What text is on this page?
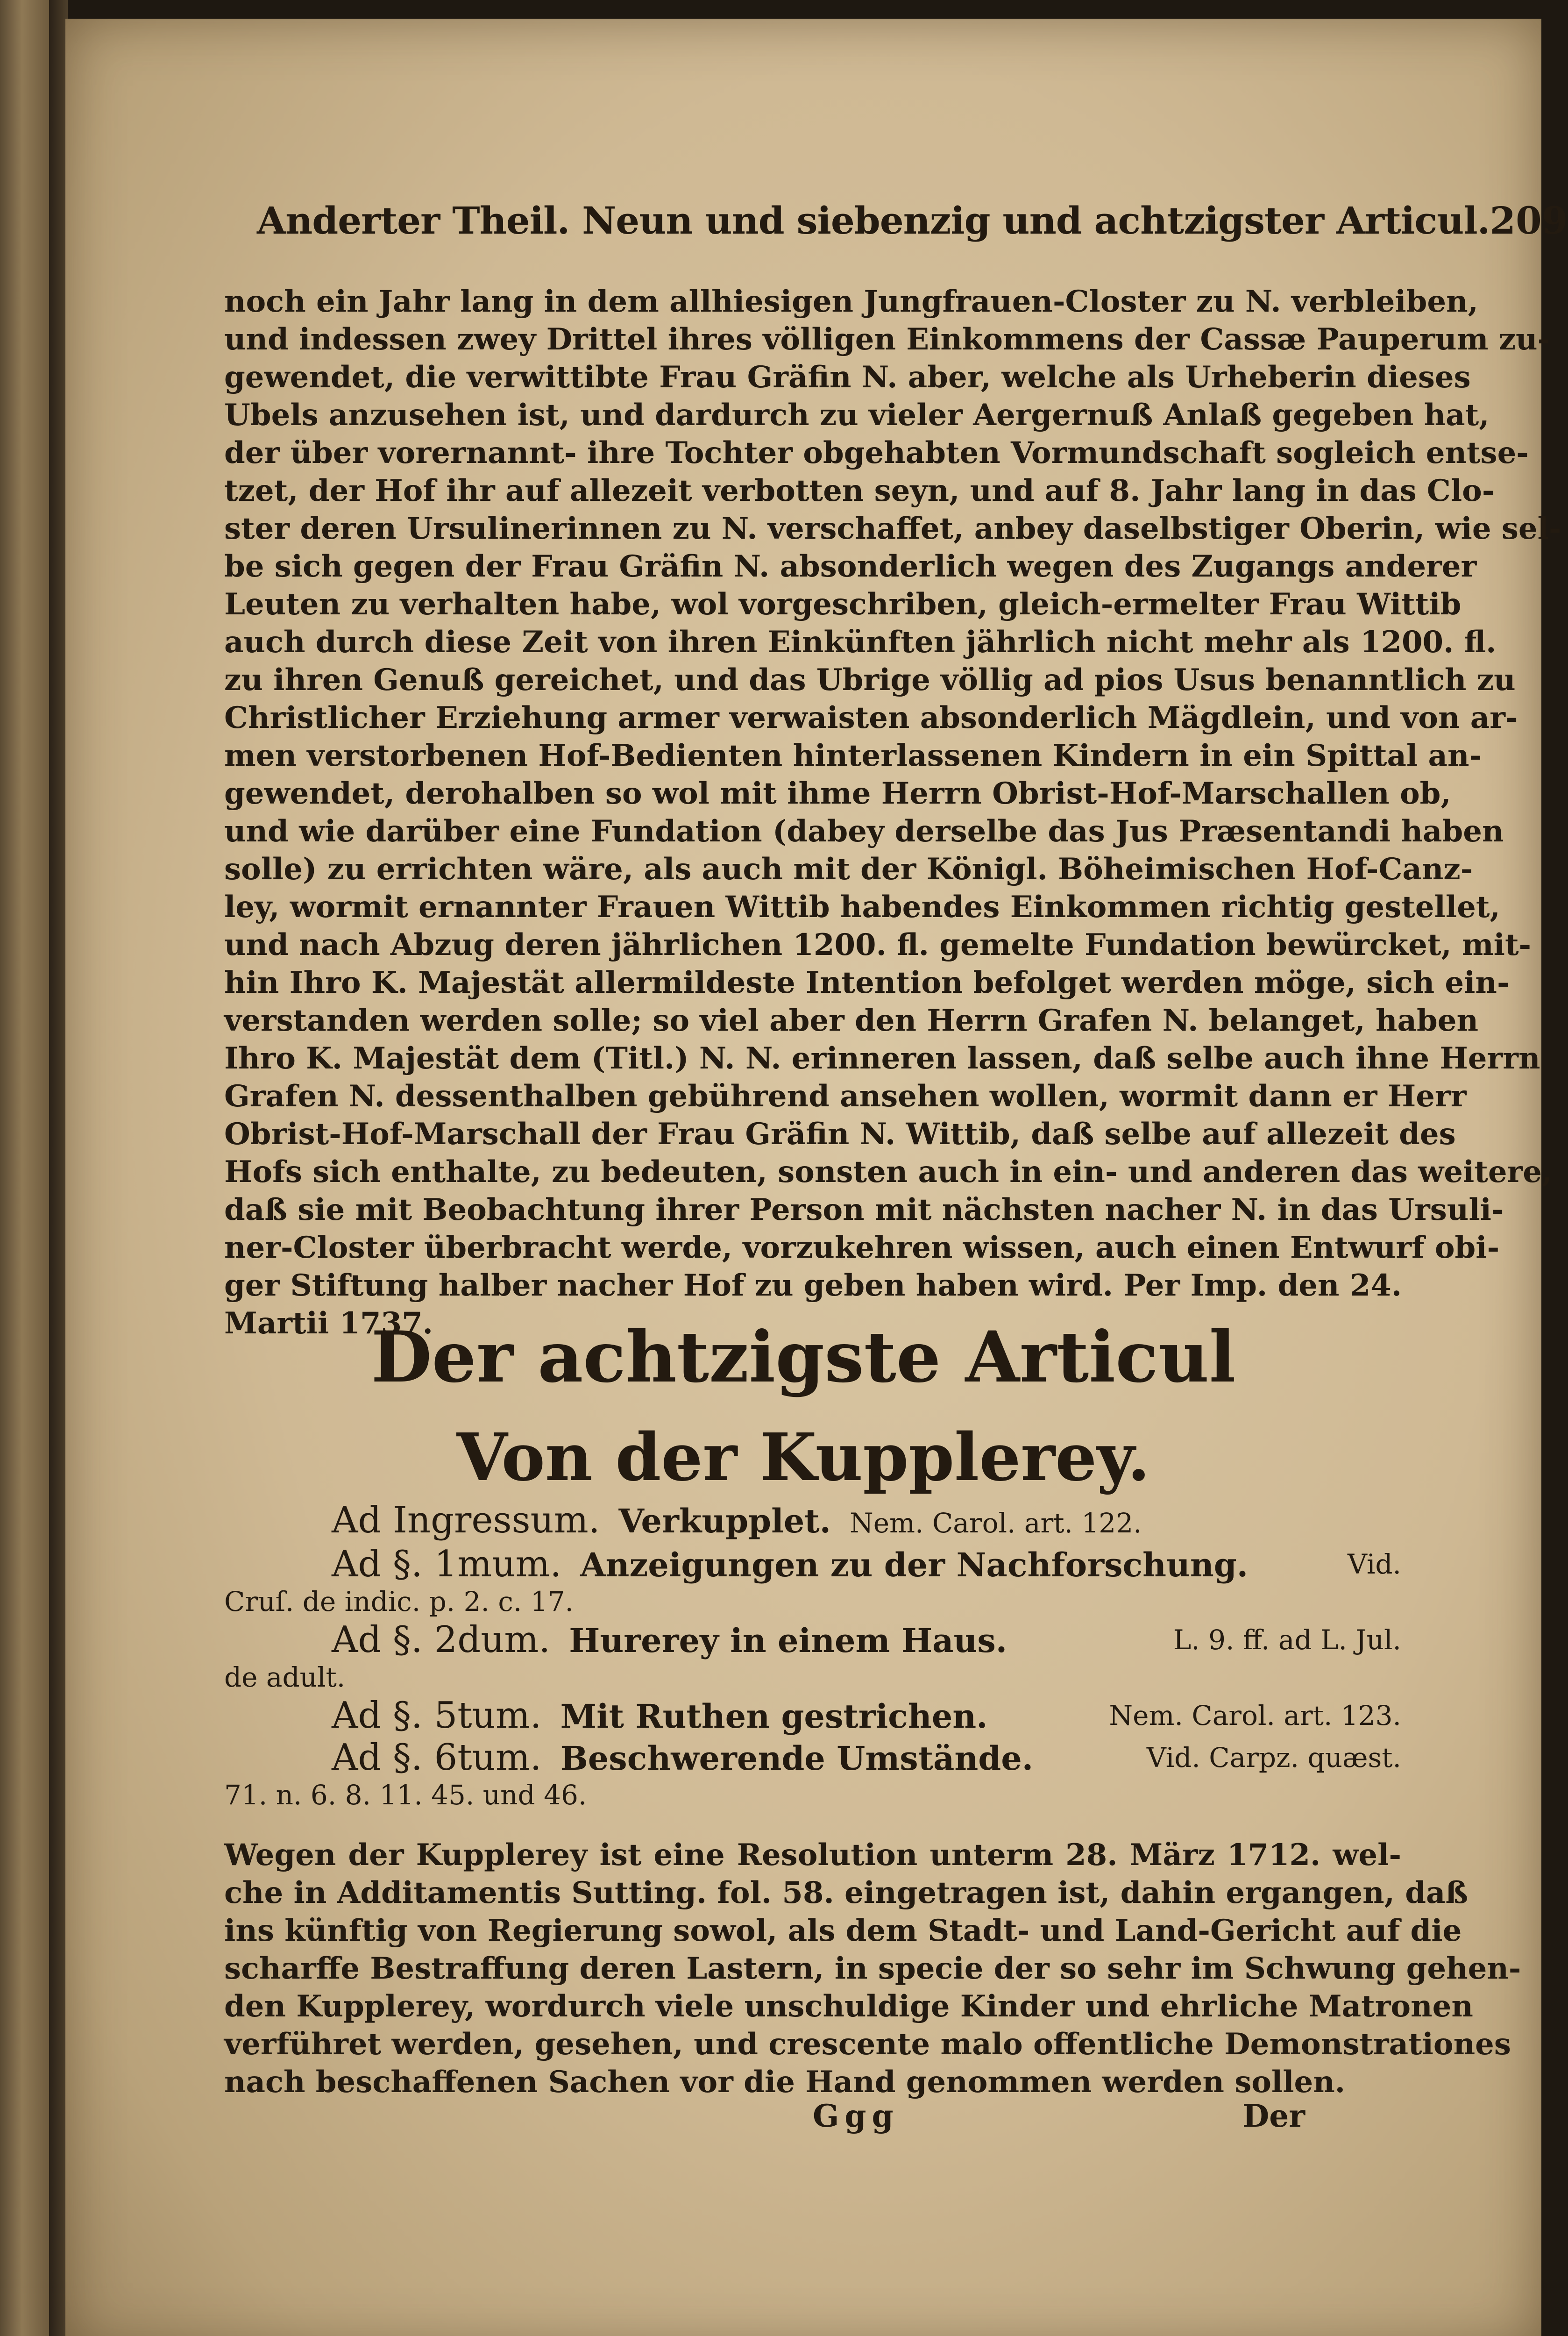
Anderter Theil. Neun und siebenzig und achtzigster Articul. 209
noch ein Jahr lang in dem allhiesigen Jungfrauen-Closter zu N. verbleiben,
und indessen zwey Drittel ihres völligen Einkommens der Cassæ Pauperum zu-
gewendet, die verwittibte Frau Gräfin N. aber, welche als Urheberin dieses
Ubels anzusehen ist, und dardurch zu vieler Aergernuß Anlaß gegeben hat,
der über vorernannt- ihre Tochter obgehabten Vormundschaft sogleich entse-
tzet, der Hof ihr auf allezeit verbotten seyn, und auf 8. Jahr lang in das Clo-
ster deren Ursulinerinnen zu N. verschaffet, anbey daselbstiger Oberin, wie sel-
be sich gegen der Frau Gräfin N. absonderlich wegen des Zugangs anderer
Leuten zu verhalten habe, wol vorgeschriben, gleich-ermelter Frau Wittib
auch durch diese Zeit von ihren Einkünften jährlich nicht mehr als 1200. fl.
zu ihren Genuß gereichet, und das Ubrige völlig ad pios Usus benanntlich zu
Christlicher Erziehung armer verwaisten absonderlich Mägdlein, und von ar-
men verstorbenen Hof-Bedienten hinterlassenen Kindern in ein Spittal an-
gewendet, derohalben so wol mit ihme Herrn Obrist-Hof-Marschallen ob,
und wie darüber eine Fundation (dabey derselbe das Jus Præsentandi haben
solle) zu errichten wäre, als auch mit der Königl. Böheimischen Hof-Canz-
ley, wormit ernannter Frauen Wittib habendes Einkommen richtig gestellet,
und nach Abzug deren jährlichen 1200. fl. gemelte Fundation bewürcket, mit-
hin Ihro K. Majestät allermildeste Intention befolget werden möge, sich ein-
verstanden werden solle; so viel aber den Herrn Grafen N. belanget, haben
Ihro K. Majestät dem (Titl.) N. N. erinneren lassen, daß selbe auch ihne Herrn
Grafen N. dessenthalben gebührend ansehen wollen, wormit dann er Herr
Obrist-Hof-Marschall der Frau Gräfin N. Wittib, daß selbe auf allezeit des
Hofs sich enthalte, zu bedeuten, sonsten auch in ein- und anderen das weitere,
daß sie mit Beobachtung ihrer Person mit nächsten nacher N. in das Ursuli-
ner-Closter überbracht werde, vorzukehren wissen, auch einen Entwurf obi-
ger Stiftung halber nacher Hof zu geben haben wird. Per Imp. den 24.
Martii 1737.
Der achtzigste Articul
Von der Kupplerey.
Ad Ingressum. Verkupplet. Nem. Carol. art. 122.
Ad §. 1mum. Anzeigungen zu der Nachforschung.	Vid.
Cruſ. de indic. p. 2. c. 17.
Ad §. 2dum. Hurerey in einem Haus.	L. 9. ff. ad L. Jul.
de adult.
Ad §. 5tum. Mit Ruthen gestrichen.	Nem. Carol. art. 123.
Ad §. 6tum. Beschwerende Umstände.	Vid. Carpz. quæst.
71. n. 6. 8. 11. 45. und 46.
Wegen der Kupplerey ist eine Resolution unterm 28. März 1712. wel-
che in Additamentis Sutting. fol. 58. eingetragen ist, dahin ergangen, daß
ins künftig von Regierung sowol, als dem Stadt- und Land-Gericht auf die
scharffe Bestraffung deren Lastern, in specie der so sehr im Schwung gehen-
den Kupplerey, wordurch viele unschuldige Kinder und ehrliche Matronen
verführet werden, gesehen, und crescente malo offentliche Demonstrationes
nach beschaffenen Sachen vor die Hand genommen werden sollen.
Ggg	Der
